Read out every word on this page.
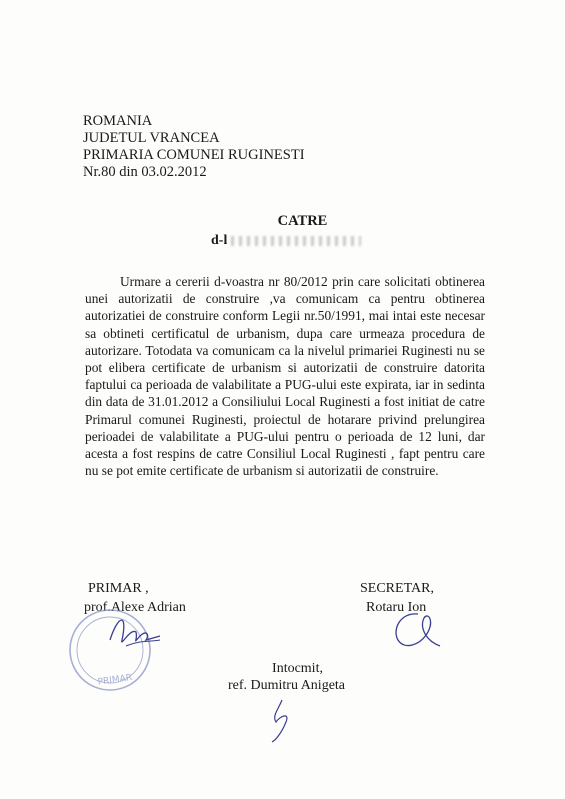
ROMANIA
JUDETUL VRANCEA
PRIMARIA COMUNEI RUGINESTI
Nr.80 din 03.02.2012
CATRE
d-l

Urmare a cererii d-voastra nr 80/2012 prin care solicitati obtinerea unei autorizatii de construire ,va comunicam ca pentru obtinerea autorizatiei de construire conform Legii nr.50/1991, mai intai este necesar sa obtineti certificatul de urbanism, dupa care urmeaza procedura de autorizare. Totodata va comunicam ca la nivelul primariei Ruginesti nu se pot elibera certificate de urbanism si autorizatii de construire datorita faptului ca perioada de valabilitate a PUG-ului este expirata, iar in sedinta din data de 31.01.2012 a Consiliului Local Ruginesti a fost initiat de catre Primarul comunei Ruginesti, proiectul de hotarare privind prelungirea perioadei de valabilitate a PUG-ului pentru o perioada de 12 luni, dar acesta a fost respins de catre Consiliul Local Ruginesti , fapt pentru care nu se pot emite certificate de urbanism si autorizatii de construire.

PRIMAR ,
prof.Alexe Adrian
SECRETAR,
Rotaru Ion
Intocmit,
ref. Dumitru Anigeta
PRIMAR
